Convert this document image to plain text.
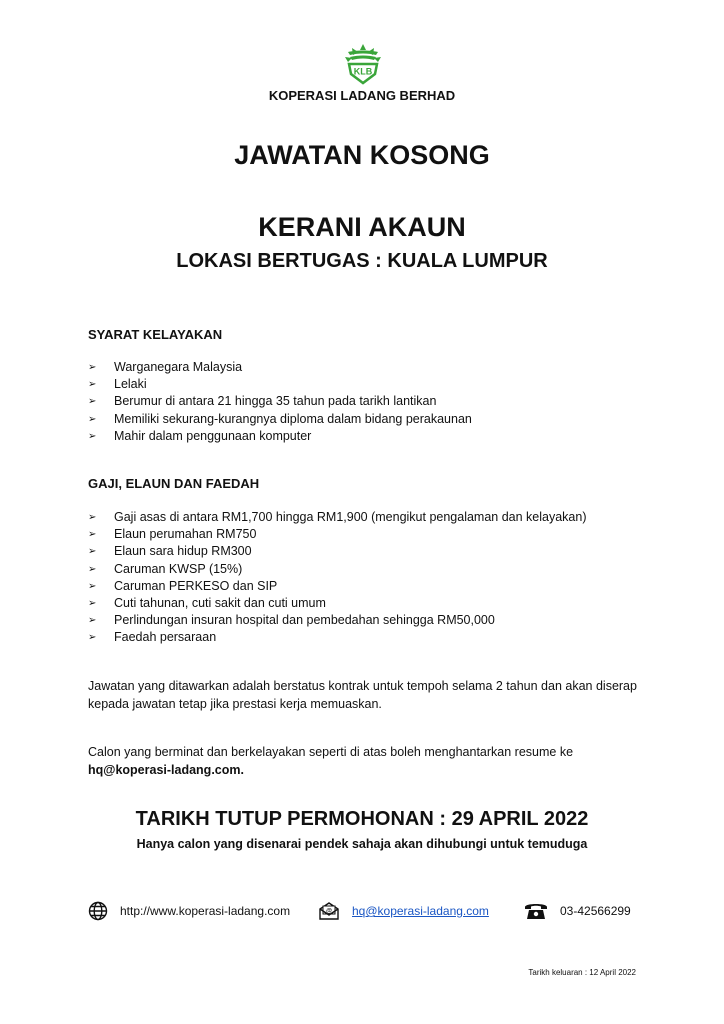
KLB
KOPERASI LADANG BERHAD
JAWATAN KOSONG
KERANI AKAUN
LOKASI BERTUGAS : KUALA LUMPUR
SYARAT KELAYAKAN
➢	Warganegara Malaysia
➢	Lelaki
➢	Berumur di antara 21 hingga 35 tahun pada tarikh lantikan
➢	Memiliki sekurang-kurangnya diploma dalam bidang perakaunan
➢	Mahir dalam penggunaan komputer
GAJI, ELAUN DAN FAEDAH
➢	Gaji asas di antara RM1,700 hingga RM1,900 (mengikut pengalaman dan kelayakan)
➢	Elaun perumahan RM750
➢	Elaun sara hidup RM300
➢	Caruman KWSP (15%)
➢	Caruman PERKESO dan SIP
➢	Cuti tahunan, cuti sakit dan cuti umum
➢	Perlindungan insuran hospital dan pembedahan sehingga RM50,000
➢	Faedah persaraan

Jawatan yang ditawarkan adalah berstatus kontrak untuk tempoh selama 2 tahun dan akan diserap kepada jawatan tetap jika prestasi kerja memuaskan.

Calon yang berminat dan berkelayakan seperti di atas boleh menghantarkan resume ke
hq@koperasi-ladang.com.
TARIKH TUTUP PERMOHONAN : 29 APRIL 2022
Hanya calon yang disenarai pendek sahaja akan dihubungi untuk temuduga
http://www.koperasi-ladang.com	@ hq@koperasi-ladang.com	03-42566299
Tarikh keluaran : 12 April 2022
